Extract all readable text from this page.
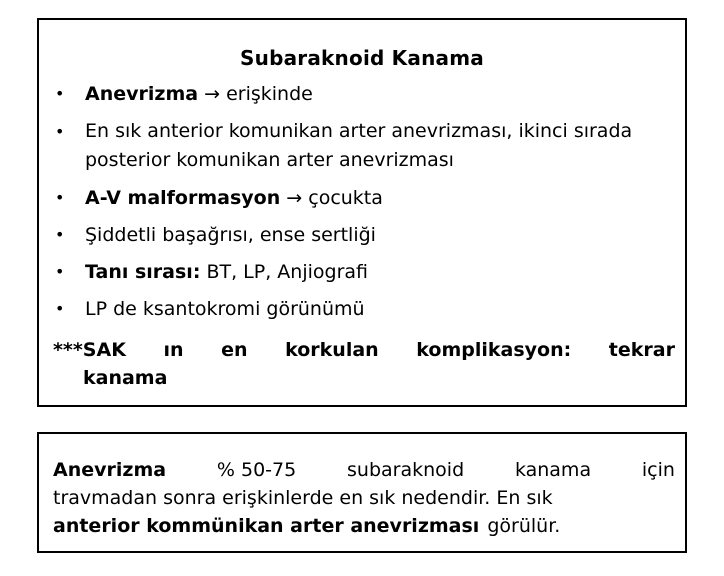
Subaraknoid Kanama
• Anevrizma → erişkinde
• En sık anterior komunikan arter anevrizması, ikinci sırada posterior komunikan arter anevrizması
• A-V malformasyon → çocukta
• Şiddetli başağrısı, ense sertliği
• Tanı sırası: BT, LP, Anjiografi
• LP de ksantokromi görünümü
***SAK ın en korkulan komplikasyon: tekrar
kanama
Anevrizma	% 50-75	subaraknoid	kanama	için
travmadan sonra erişkinlerde en sık nedendir. En sık
anterior kommünikan arter anevrizması görülür.
